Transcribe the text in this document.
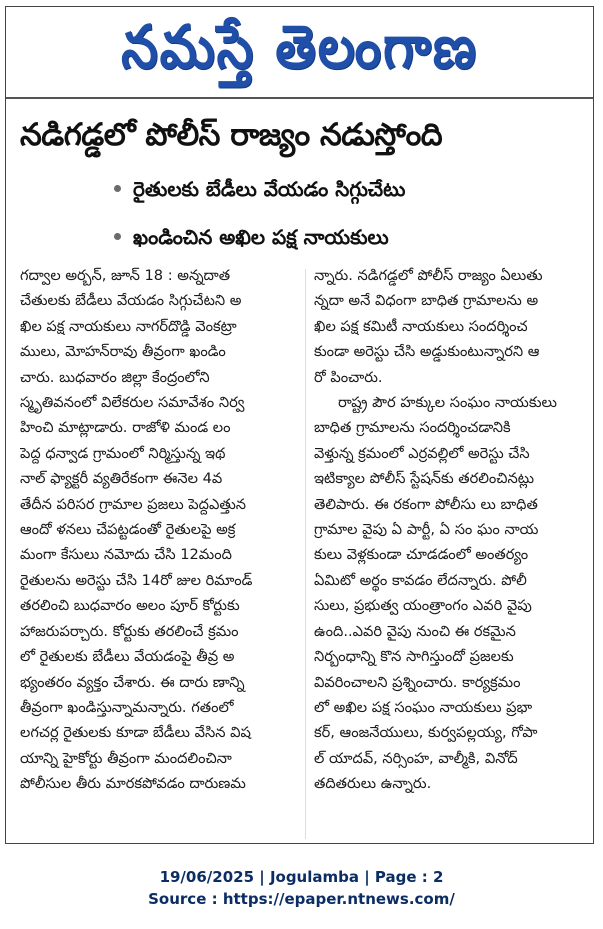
నమస్తే తెలంగాణ
నడిగడ్డలో పోలీస్ రాజ్యం నడుస్తోంది
రైతులకు బేడీలు వేయడం సిగ్గుచేటు
ఖండించిన అఖిల పక్ష నాయకులు

గద్వాల అర్బన్, జూన్ 18 : అన్నదాత

చేతులకు బేడీలు వేయడం సిగ్గుచేటని అ

ఖిల పక్ష నాయకులు నాగర్‌దొడ్డి వెంకట్రా

ములు, మోహన్‌రావు తీవ్రంగా ఖండిం

చారు. బుధవారం జిల్లా కేంద్రంలోని

స్మృతివనంలో విలేకరుల సమావేశం నిర్వ

హించి మాట్లాడారు. రాజోళి మండ లం

పెద్ద ధన్వాడ గ్రామంలో నిర్మిస్తున్న ఇథ

నాల్ ఫ్యాక్టరీ వ్యతిరేకంగా ఈనెల 4వ

తేదీన పరిసర గ్రామాల ప్రజలు పెద్దఎత్తున

ఆందో ళనలు చేపట్టడంతో రైతులపై అక్ర

మంగా కేసులు నమోదు చేసి 12మంది

రైతులను అరెస్టు చేసి 14రో జుల రిమాండ్

తరలించి బుధవారం అలం పూర్ కోర్టుకు

హాజరుపర్చారు. కోర్టుకు తరలించే క్రమం

లో రైతులకు బేడీలు వేయడంపై తీవ్ర అ

భ్యంతరం వ్యక్తం చేశారు. ఈ దారు ణాన్ని

తీవ్రంగా ఖండిస్తున్నామన్నారు. గతంలో

లగచర్ల రైతులకు కూడా బేడీలు వేసిన విష

యాన్ని హైకోర్టు తీవ్రంగా మందలించినా

పోలీసుల తీరు మారకపోవడం దారుణమ

న్నారు. నడిగడ్డలో పోలీస్ రాజ్యం ఏలుతు

న్నదా అనే విధంగా బాధిత గ్రామాలను అ

ఖిల పక్ష కమిటీ నాయకులు సందర్శించ

కుండా అరెస్టు చేసి అడ్డుకుంటున్నారని ఆ

రో పించారు.

రాష్ట్ర పౌర హక్కుల సంఘం నాయకులు

బాధిత గ్రామాలను సందర్శించడానికి

వెళ్తున్న క్రమంలో ఎర్రవల్లిలో అరెస్టు చేసి

ఇటిక్యాల పోలీస్ స్టేషన్‌కు తరలించినట్లు

తెలిపారు. ఈ రకంగా పోలీసు లు బాధిత

గ్రామాల వైపు ఏ పార్టీ, ఏ సం ఘం నాయ

కులు వెళ్లకుండా చూడడంలో అంతర్యం

ఏమిటో అర్థం కావడం లేదన్నారు. పోలీ

సులు, ప్రభుత్వ యంత్రాంగం ఎవరి వైపు

ఉంది..ఎవరి వైపు నుంచి ఈ రకమైన

నిర్బంధాన్ని కొన సాగిస్తుందో ప్రజలకు

వివరించాలని ప్రశ్నించారు. కార్యక్రమం

లో అఖిల పక్ష సంఘం నాయకులు ప్రభా

కర్, ఆంజనేయులు, కుర్వపల్లయ్య, గోపా

ల్ యాదవ్, నర్సింహ, వాల్మీకి, వినోద్

తదితరులు ఉన్నారు.

19/06/2025 | Jogulamba | Page : 2
Source : https://epaper.ntnews.com/
